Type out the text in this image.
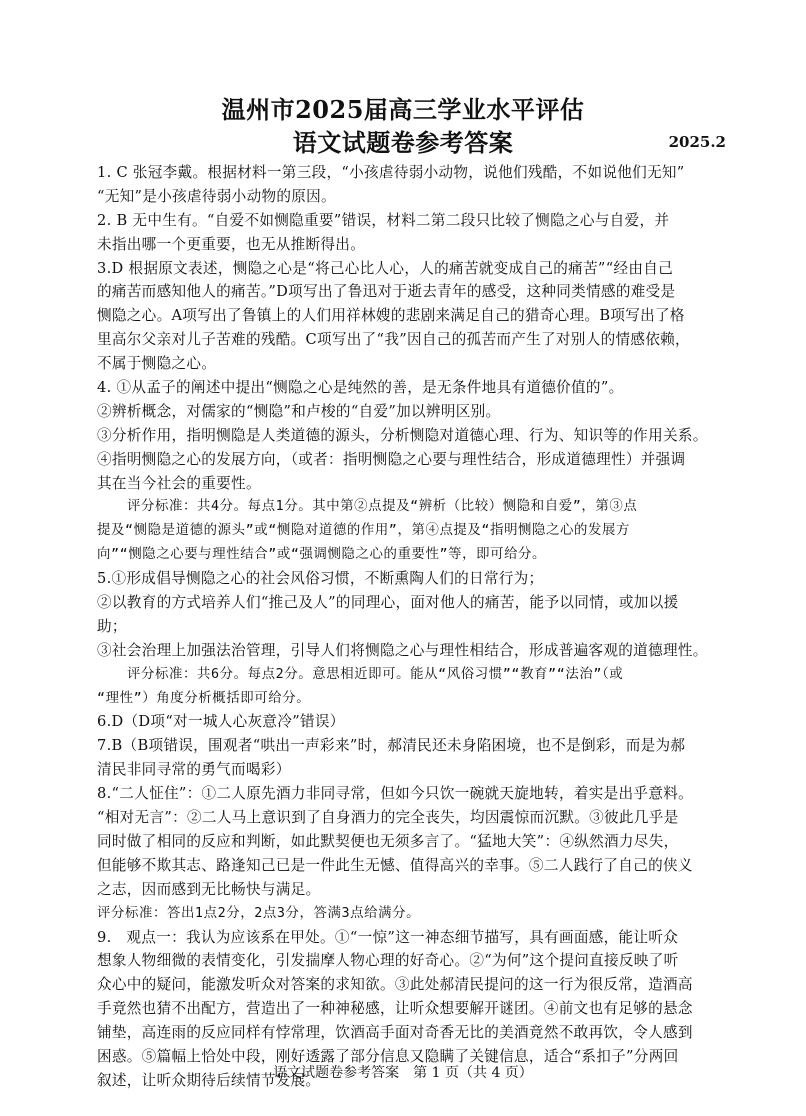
温州市2025届高三学业水平评估
语文试题卷参考答案	2025.2
1. C 张冠李戴。根据材料一第三段，“小孩虐待弱小动物，说他们残酷，不如说他们无知”
“无知”是小孩虐待弱小动物的原因。
2. B 无中生有。“自爱不如恻隐重要”错误，材料二第二段只比较了恻隐之心与自爱，并
未指出哪一个更重要，也无从推断得出。
3.D 根据原文表述，恻隐之心是“将己心比人心，人的痛苦就变成自己的痛苦”“经由自己
的痛苦而感知他人的痛苦。”D项写出了鲁迅对于逝去青年的感受，这种同类情感的难受是
恻隐之心。A项写出了鲁镇上的人们用祥林嫂的悲剧来满足自己的猎奇心理。B项写出了格
里高尔父亲对儿子苦难的残酷。C项写出了“我”因自己的孤苦而产生了对别人的情感依赖，
不属于恻隐之心。
4. ①从孟子的阐述中提出“恻隐之心是纯然的善，是无条件地具有道德价值的”。
②辨析概念，对儒家的“恻隐”和卢梭的“自爱”加以辨明区别。
③分析作用，指明恻隐是人类道德的源头，分析恻隐对道德心理、行为、知识等的作用关系。
④指明恻隐之心的发展方向，（或者：指明恻隐之心要与理性结合，形成道德理性）并强调
其在当今社会的重要性。
评分标准：共4分。每点1分。其中第②点提及“辨析（比较）恻隐和自爱”，第③点
提及“恻隐是道德的源头”或“恻隐对道德的作用”，第④点提及“指明恻隐之心的发展方
向”“恻隐之心要与理性结合”或“强调恻隐之心的重要性”等，即可给分。
5.①形成倡导恻隐之心的社会风俗习惯，不断熏陶人们的日常行为；
②以教育的方式培养人们“推己及人”的同理心，面对他人的痛苦，能予以同情，或加以援
助；
③社会治理上加强法治管理，引导人们将恻隐之心与理性相结合，形成普遍客观的道德理性。
评分标准：共6分。每点2分。意思相近即可。能从“风俗习惯”“教育”“法治”（或
“理性”）角度分析概括即可给分。
6.D（D项“对一城人心灰意冷”错误）
7.B（B项错误，围观者“哄出一声彩来”时，郝清民还未身陷困境，也不是倒彩，而是为郝
清民非同寻常的勇气而喝彩）
8.“二人怔住”：①二人原先酒力非同寻常，但如今只饮一碗就天旋地转，着实是出乎意料。
“相对无言”：②二人马上意识到了自身酒力的完全丧失，均因震惊而沉默。③彼此几乎是
同时做了相同的反应和判断，如此默契便也无须多言了。“猛地大笑”：④纵然酒力尽失，
但能够不欺其志、路逢知己已是一件此生无憾、值得高兴的幸事。⑤二人践行了自己的侠义
之志，因而感到无比畅快与满足。
评分标准：答出1点2分，2点3分，答满3点给满分。
9.　观点一：我认为应该系在甲处。①“一惊”这一神态细节描写，具有画面感，能让听众
想象人物细微的表情变化，引发揣摩人物心理的好奇心。②“为何”这个提问直接反映了听
众心中的疑问，能激发听众对答案的求知欲。③此处郝清民提问的这一行为很反常，造酒高
手竟然也猜不出配方，营造出了一种神秘感，让听众想要解开谜团。④前文也有足够的悬念
铺垫，高连雨的反应同样有悖常理，饮酒高手面对奇香无比的美酒竟然不敢再饮，令人感到
困惑。⑤篇幅上恰处中段，刚好透露了部分信息又隐瞒了关键信息，适合“系扣子”分两回
叙述，让听众期待后续情节发展。
语文试题卷参考答案　第 1 页（共 4 页）
